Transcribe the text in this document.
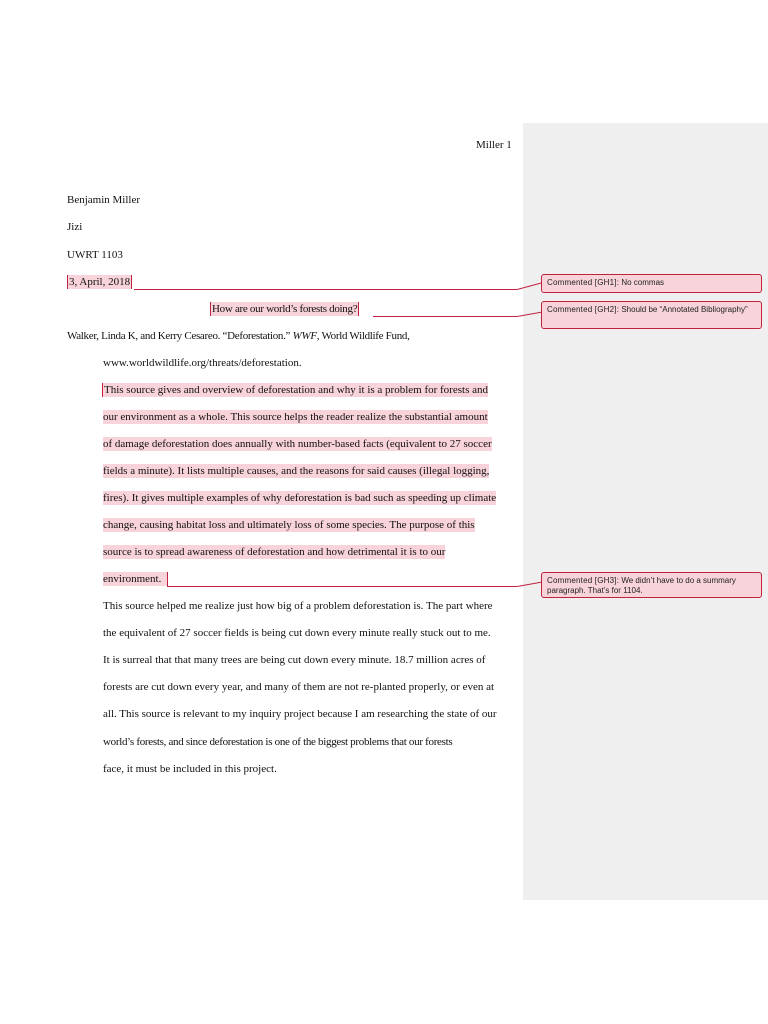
Miller 1
Benjamin Miller
Jizi
UWRT 1103
3, April, 2018
How are our world’s forests doing?
Walker, Linda K, and Kerry Cesareo. “Deforestation.” WWF, World Wildlife Fund,
www.worldwildlife.org/threats/deforestation.
This source gives and overview of deforestation and why it is a problem for forests and
our environment as a whole. This source helps the reader realize the substantial amount
of damage deforestation does annually with number-based facts (equivalent to 27 soccer
fields a minute). It lists multiple causes, and the reasons for said causes (illegal logging,
fires). It gives multiple examples of why deforestation is bad such as speeding up climate
change, causing habitat loss and ultimately loss of some species. The purpose of this
source is to spread awareness of deforestation and how detrimental it is to our
environment.
This source helped me realize just how big of a problem deforestation is. The part where
the equivalent of 27 soccer fields is being cut down every minute really stuck out to me.
It is surreal that that many trees are being cut down every minute. 18.7 million acres of
forests are cut down every year, and many of them are not re-planted properly, or even at
all. This source is relevant to my inquiry project because I am researching the state of our
world’s forests, and since deforestation is one of the biggest problems that our forests
face, it must be included in this project.
Commented [GH1]: No commas
Commented [GH2]: Should be “Annotated Bibliography”
Commented [GH3]: We didn’t have to do a summary paragraph. That’s for 1104.
